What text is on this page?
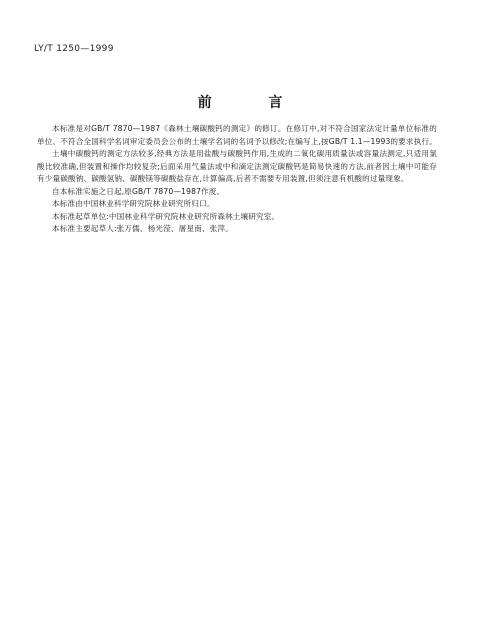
LY/T 1250—1999
前 言

本标准是对GB/T 7870—1987《森林土壤碳酸钙的测定》的修订。在修订中,对不符合国家法定计量单位标准的单位、不符合全国科学名词审定委员会公布的土壤学名词的名词予以修改;在编写上,按GB/T 1.1—1993的要求执行。

土壤中碳酸钙的测定方法较多,经典方法是用盐酸与碳酸钙作用,生成的二氧化碳用质量法或容量法测定,只适用氯酸比较准确,但装置和操作均较复杂;后面采用气量法或中和滴定法测定碳酸钙是简易快速的方法,前者因土壤中可能存有少量碳酸钠、碳酸氢钠、碳酸镁等碳酸盐存在,计算偏高,后者不需要专用装置,但须注意有机酸的过量现象。

自本标准实施之日起,原GB/T 7870—1987作废。

本标准由中国林业科学研究院林业研究所归口。

本标准起草单位:中国林业科学研究院林业研究所森林土壤研究室。

本标准主要起草人:张万儒、杨光滢、屠星南、张萍。
